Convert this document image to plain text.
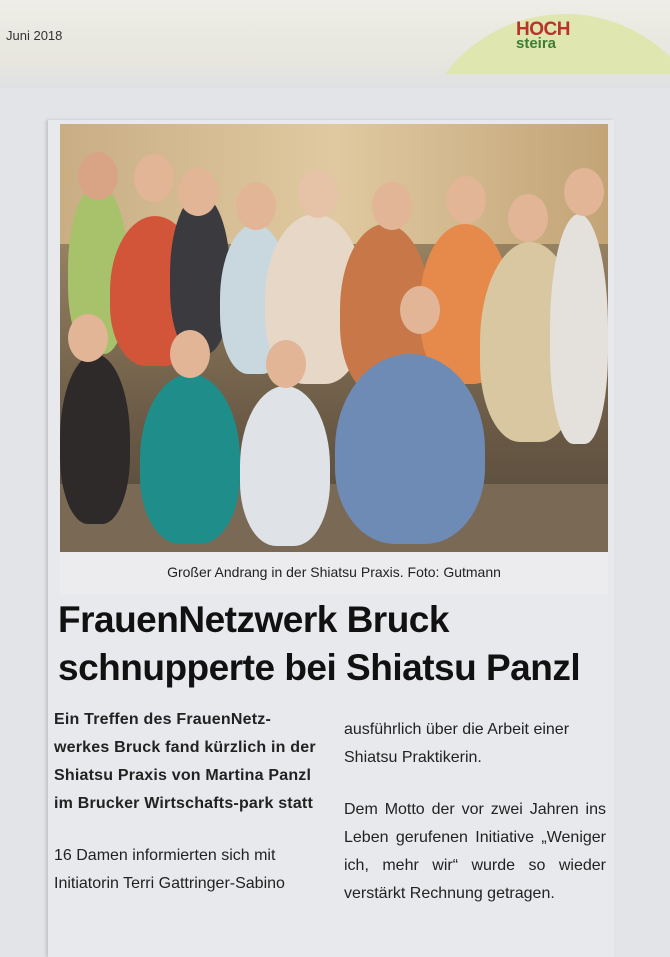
Juni 2018	HOCH
steira
Großer Andrang in der Shiatsu Praxis. Foto: Gutmann
FrauenNetzwerk Bruck
schnupperte bei Shiatsu Panzl

Ein Treffen des FrauenNetz-werkes Bruck fand kürzlich in der Shiatsu Praxis von Martina Panzl im Brucker Wirtschafts-park statt

16 Damen informierten sich mit Initiatorin Terri Gattringer-Sabino

ausführlich über die Arbeit einer Shiatsu Praktikerin.

Dem Motto der vor zwei Jahren ins Leben gerufenen Initiative „Weniger ich, mehr wir“ wurde so wieder verstärkt Rechnung getragen.
